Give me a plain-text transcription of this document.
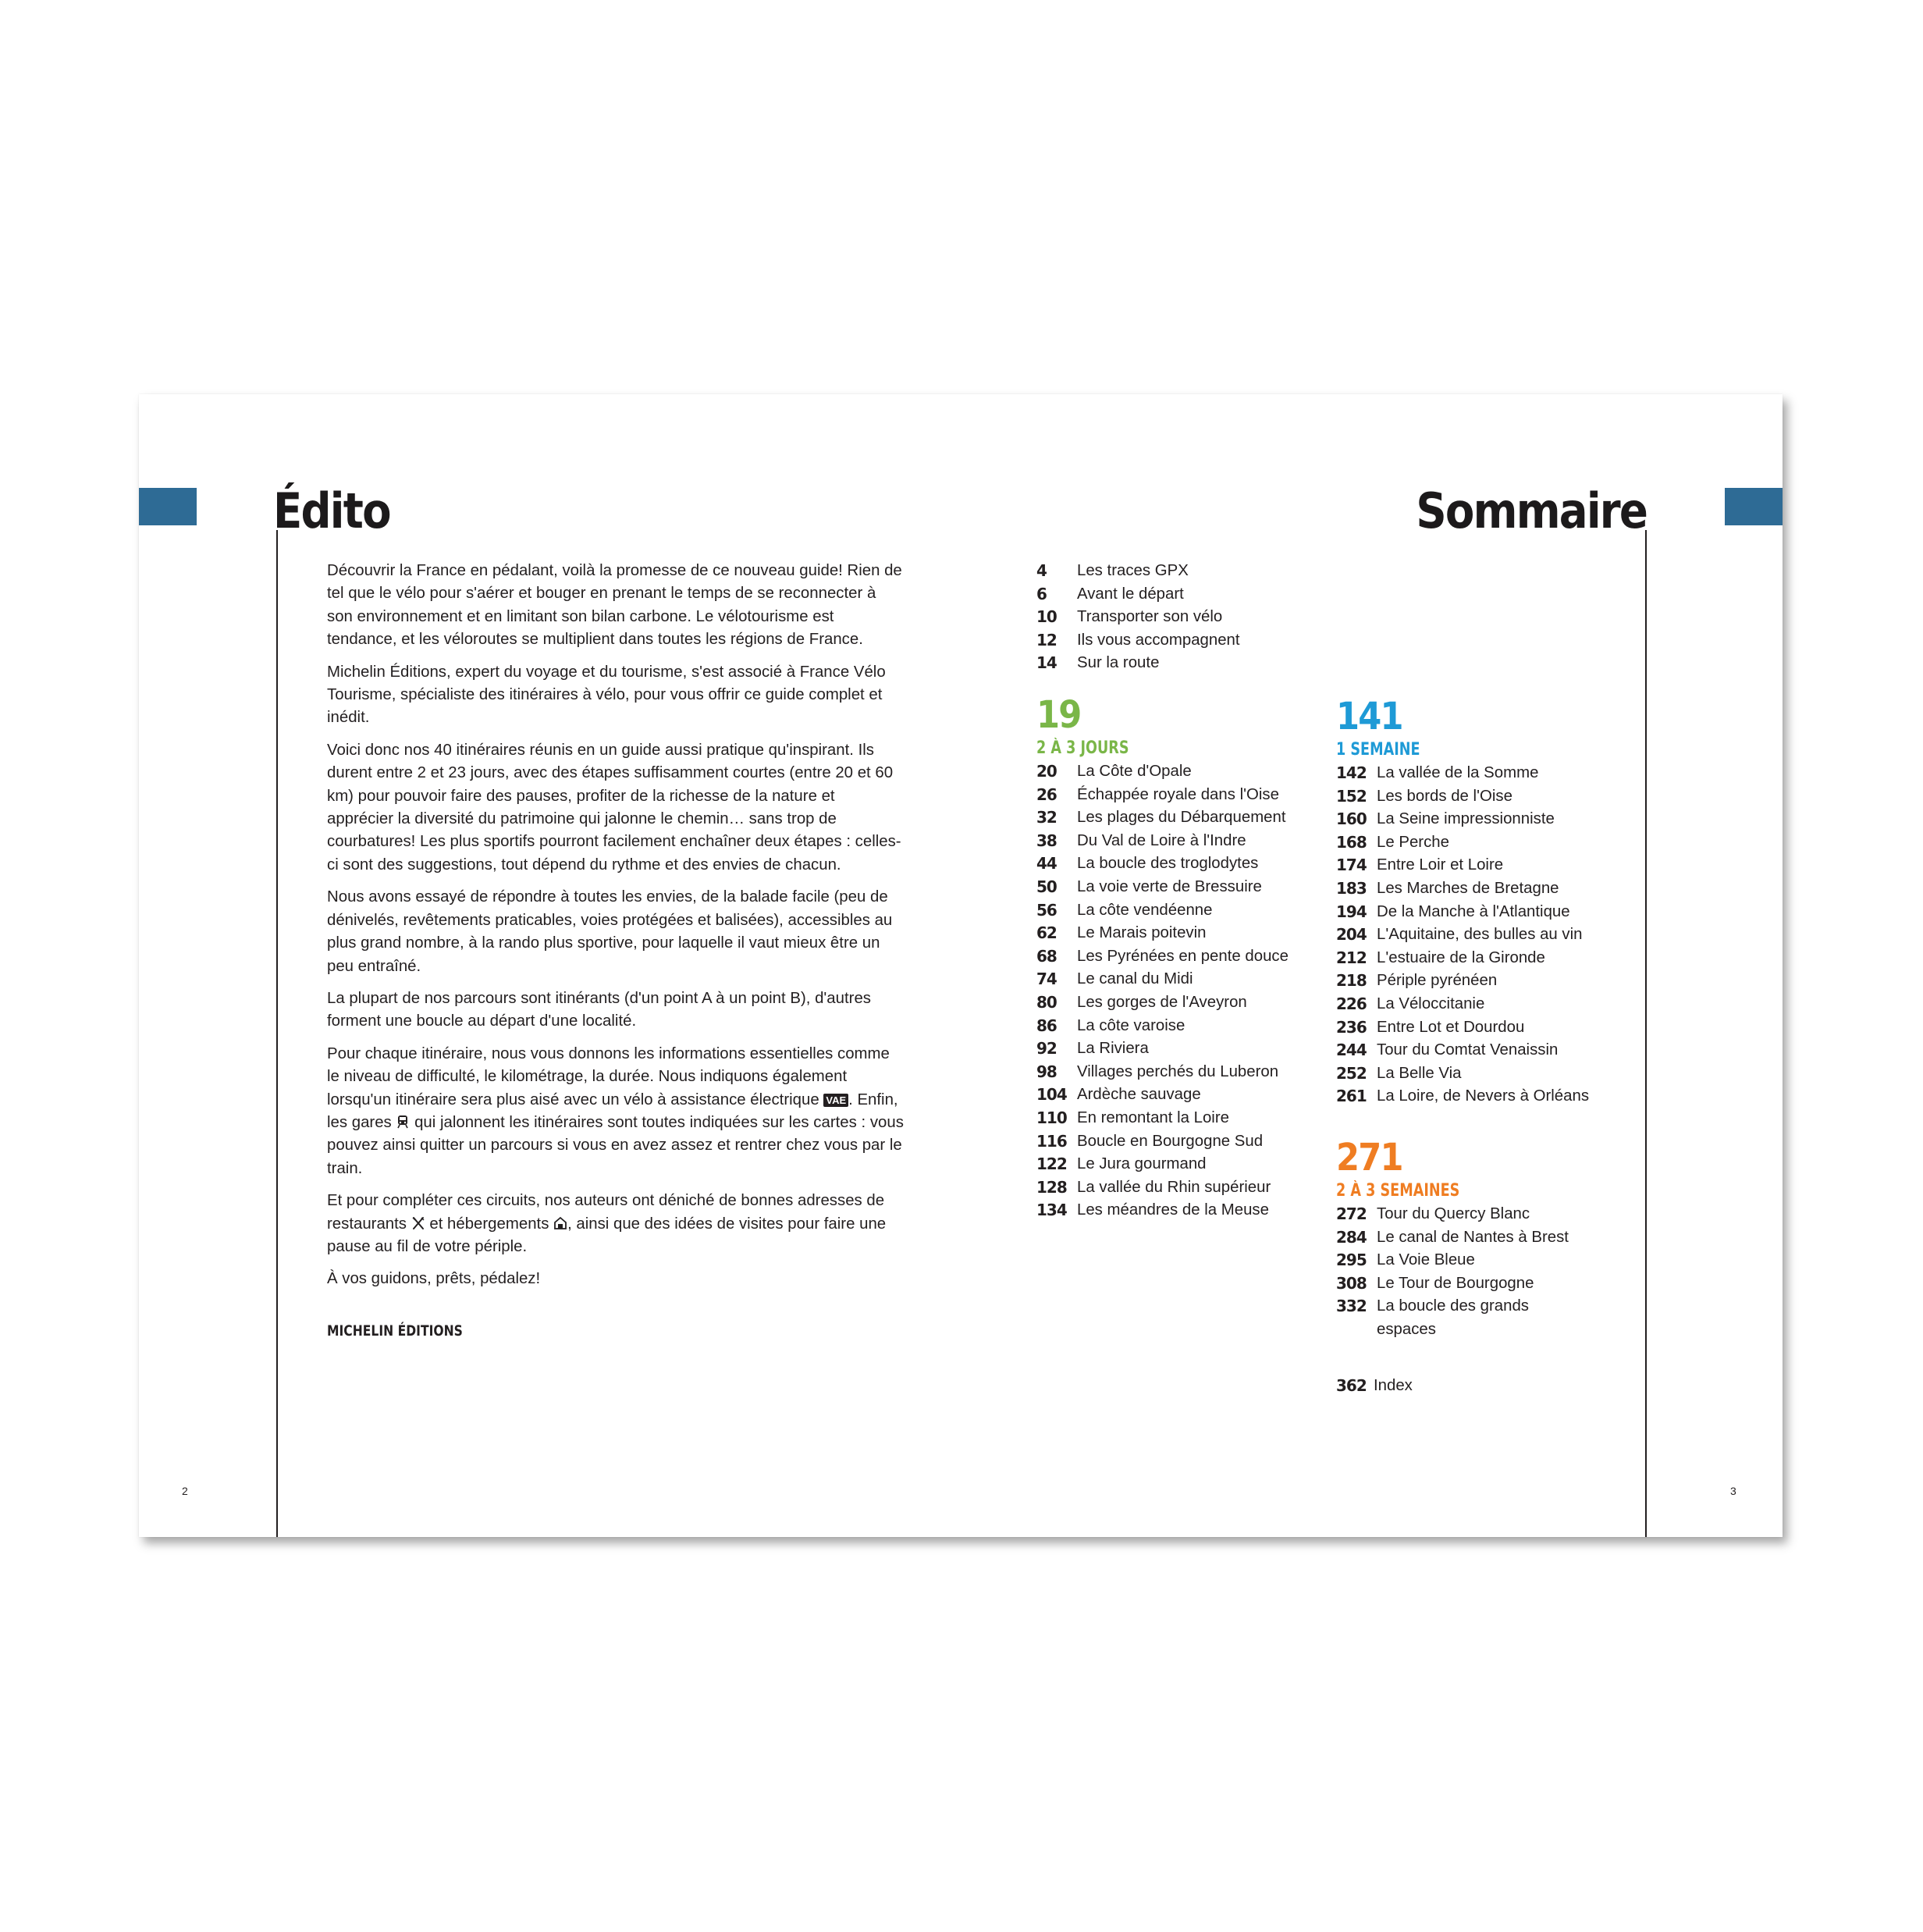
Édito

Découvrir la France en pédalant, voilà la promesse de ce nouveau guide! Rien de tel que le vélo pour s'aérer et bouger en prenant le temps de se reconnecter à son environnement et en limitant son bilan carbone. Le vélotourisme est tendance, et les véloroutes se multiplient dans toutes les régions de France.

Michelin Éditions, expert du voyage et du tourisme, s'est associé à France Vélo Tourisme, spécialiste des itinéraires à vélo, pour vous offrir ce guide complet et inédit.

Voici donc nos 40 itinéraires réunis en un guide aussi pratique qu'inspirant. Ils durent entre 2 et 23 jours, avec des étapes suffisamment courtes (entre 20 et 60 km) pour pouvoir faire des pauses, profiter de la richesse de la nature et apprécier la diversité du patrimoine qui jalonne le chemin… sans trop de courbatures! Les plus sportifs pourront facilement enchaîner deux étapes : celles-ci sont des suggestions, tout dépend du rythme et des envies de chacun.

Nous avons essayé de répondre à toutes les envies, de la balade facile (peu de dénivelés, revêtements praticables, voies protégées et balisées), accessibles au plus grand nombre, à la rando plus sportive, pour laquelle il vaut mieux être un peu entraîné.

La plupart de nos parcours sont itinérants (d'un point A à un point B), d'autres forment une boucle au départ d'une localité.

Pour chaque itinéraire, nous vous donnons les informations essentielles comme le niveau de difficulté, le kilométrage, la durée. Nous indiquons également lorsqu'un itinéraire sera plus aisé avec un vélo à assistance électrique VAE . Enfin, les gares qui jalonnent les itinéraires sont toutes indiquées sur les cartes : vous pouvez ainsi quitter un parcours si vous en avez assez et rentrer chez vous par le train.

Et pour compléter ces circuits, nos auteurs ont déniché de bonnes adresses de restaurants et hébergements , ainsi que des idées de visites pour faire une pause au fil de votre périple.

À vos guidons, prêts, pédalez!

MICHELIN ÉDITIONS
2
Sommaire
4	Les traces GPX
6	Avant le départ
10	Transporter son vélo
12	Ils vous accompagnent
14	Sur la route
19
2 À 3 JOURS
20	La Côte d'Opale
26	Échappée royale dans l'Oise
32	Les plages du Débarquement
38	Du Val de Loire à l'Indre
44	La boucle des troglodytes
50	La voie verte de Bressuire
56	La côte vendéenne
62	Le Marais poitevin
68	Les Pyrénées en pente douce
74	Le canal du Midi
80	Les gorges de l'Aveyron
86	La côte varoise
92	La Riviera
98	Villages perchés du Luberon
104 Ardèche sauvage
110 En remontant la Loire
116 Boucle en Bourgogne Sud
122 Le Jura gourmand
128 La vallée du Rhin supérieur
134 Les méandres de la Meuse
141
1 SEMAINE
142 La vallée de la Somme
152 Les bords de l'Oise
160 La Seine impressionniste
168 Le Perche
174 Entre Loir et Loire
183 Les Marches de Bretagne
194 De la Manche à l'Atlantique
204 L'Aquitaine, des bulles au vin
212 L'estuaire de la Gironde
218 Périple pyrénéen
226 La Véloccitanie
236 Entre Lot et Dourdou
244 Tour du Comtat Venaissin
252 La Belle Via
261 La Loire, de Nevers à Orléans
271
2 À 3 SEMAINES
272 Tour du Quercy Blanc
284 Le canal de Nantes à Brest
295 La Voie Bleue
308 Le Tour de Bourgogne
332 La boucle des grands espaces
362 Index
3
